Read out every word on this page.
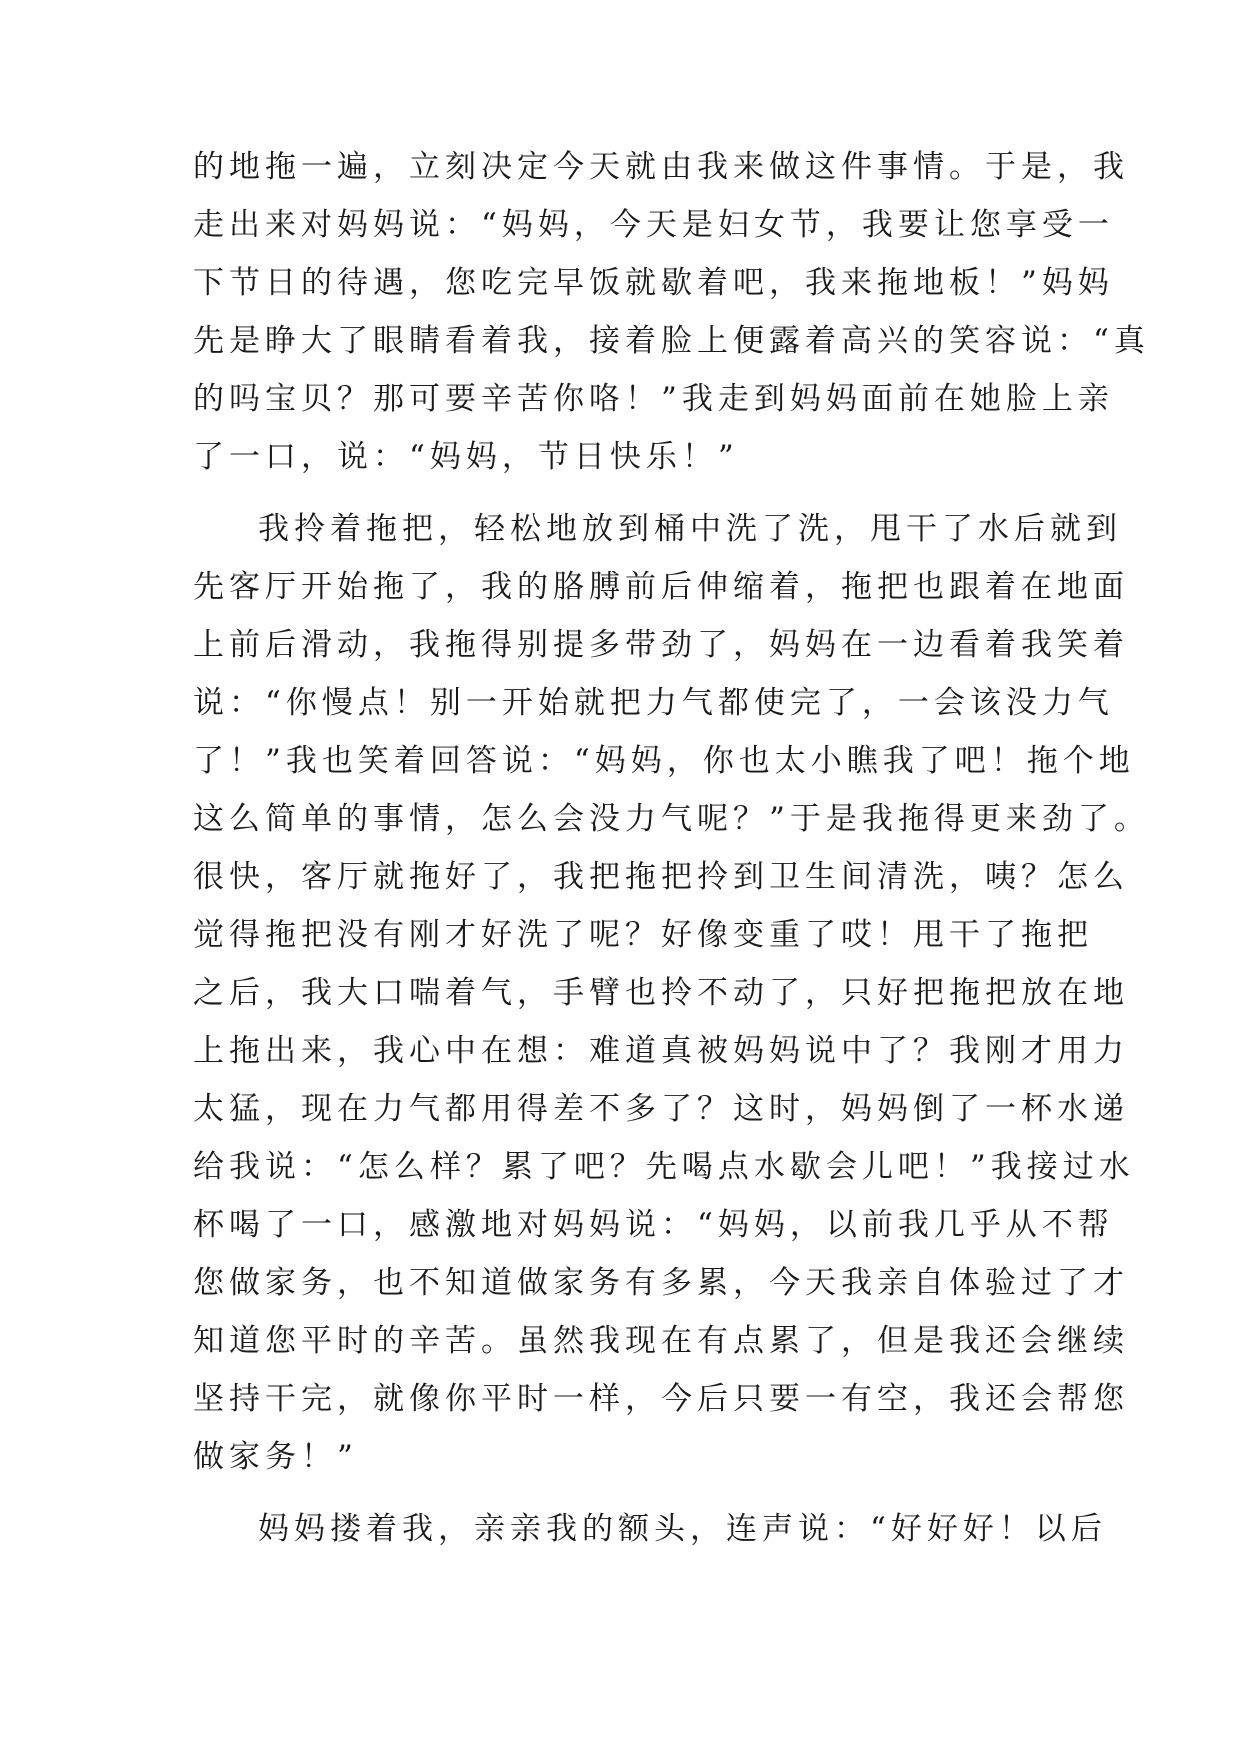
的地拖一遍，立刻决定今天就由我来做这件事情。于是，我
走出来对妈妈说：“妈妈，今天是妇女节，我要让您享受一
下节日的待遇，您吃完早饭就歇着吧，我来拖地板！”妈妈
先是睁大了眼睛看着我，接着脸上便露着高兴的笑容说：“真
的吗宝贝？那可要辛苦你咯！”我走到妈妈面前在她脸上亲
了一口，说：“妈妈，节日快乐！”
我拎着拖把，轻松地放到桶中洗了洗，甩干了水后就到
先客厅开始拖了，我的胳膊前后伸缩着，拖把也跟着在地面
上前后滑动，我拖得别提多带劲了，妈妈在一边看着我笑着
说：“你慢点！别一开始就把力气都使完了，一会该没力气
了！”我也笑着回答说：“妈妈，你也太小瞧我了吧！拖个地
这么简单的事情，怎么会没力气呢？”于是我拖得更来劲了。
很快，客厅就拖好了，我把拖把拎到卫生间清洗，咦？怎么
觉得拖把没有刚才好洗了呢？好像变重了哎！甩干了拖把
之后，我大口喘着气，手臂也拎不动了，只好把拖把放在地
上拖出来，我心中在想：难道真被妈妈说中了？我刚才用力
太猛，现在力气都用得差不多了？这时，妈妈倒了一杯水递
给我说：“怎么样？累了吧？先喝点水歇会儿吧！”我接过水
杯喝了一口，感激地对妈妈说：“妈妈，以前我几乎从不帮
您做家务，也不知道做家务有多累，今天我亲自体验过了才
知道您平时的辛苦。虽然我现在有点累了，但是我还会继续
坚持干完，就像你平时一样，今后只要一有空，我还会帮您
做家务！”
妈妈搂着我，亲亲我的额头，连声说：“好好好！以后
